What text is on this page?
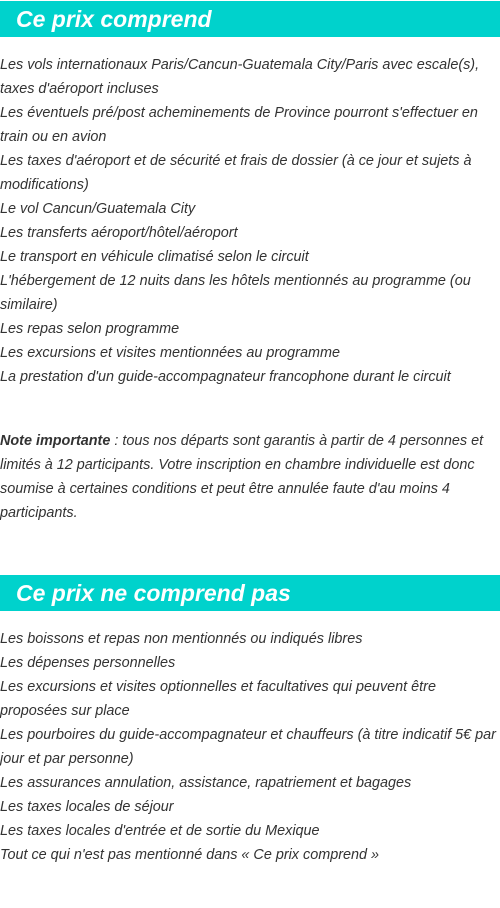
Ce prix comprend
Les vols internationaux Paris/Cancun-Guatemala City/Paris avec escale(s), taxes d'aéroport incluses
Les éventuels pré/post acheminements de Province pourront s'effectuer en train ou en avion
Les taxes d'aéroport et de sécurité et frais de dossier (à ce jour et sujets à modifications)
Le vol Cancun/Guatemala City
Les transferts aéroport/hôtel/aéroport
Le transport en véhicule climatisé selon le circuit
L'hébergement de 12 nuits dans les hôtels mentionnés au programme (ou similaire)
Les repas selon programme
Les excursions et visites mentionnées au programme
La prestation d'un guide-accompagnateur francophone durant le circuit

Note importante : tous nos départs sont garantis à partir de 4 personnes et limités à 12 participants. Votre inscription en chambre individuelle est donc soumise à certaines conditions et peut être annulée faute d'au moins 4 participants.

Ce prix ne comprend pas
Les boissons et repas non mentionnés ou indiqués libres
Les dépenses personnelles
Les excursions et visites optionnelles et facultatives qui peuvent être proposées sur place
Les pourboires du guide-accompagnateur et chauffeurs (à titre indicatif 5€ par jour et par personne)
Les assurances annulation, assistance, rapatriement et bagages
Les taxes locales de séjour
Les taxes locales d'entrée et de sortie du Mexique
Tout ce qui n'est pas mentionné dans « Ce prix comprend »
